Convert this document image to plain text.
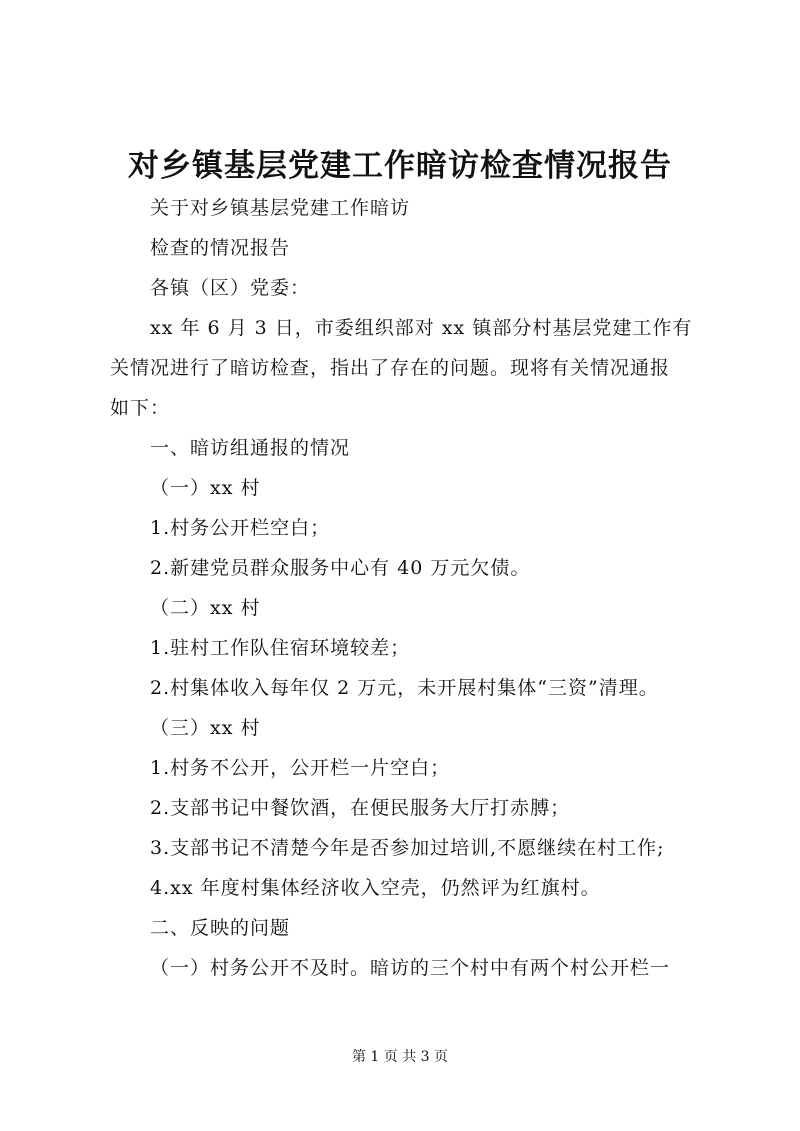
对乡镇基层党建工作暗访检查情况报告
关于对乡镇基层党建工作暗访
检查的情况报告
各镇（区）党委：
xx 年 6 月 3 日，市委组织部对 xx 镇部分村基层党建工作有
关情况进行了暗访检查，指出了存在的问题。现将有关情况通报
如下：
一、暗访组通报的情况
（一）xx 村
1.村务公开栏空白；
2.新建党员群众服务中心有 40 万元欠债。
（二）xx 村
1.驻村工作队住宿环境较差；
2.村集体收入每年仅 2 万元，未开展村集体“三资”清理。
（三）xx 村
1.村务不公开，公开栏一片空白；
2.支部书记中餐饮酒，在便民服务大厅打赤膊；
3.支部书记不清楚今年是否参加过培训,不愿继续在村工作;
4.xx 年度村集体经济收入空壳，仍然评为红旗村。
二、反映的问题
（一）村务公开不及时。暗访的三个村中有两个村公开栏一
第 1 页 共 3 页
